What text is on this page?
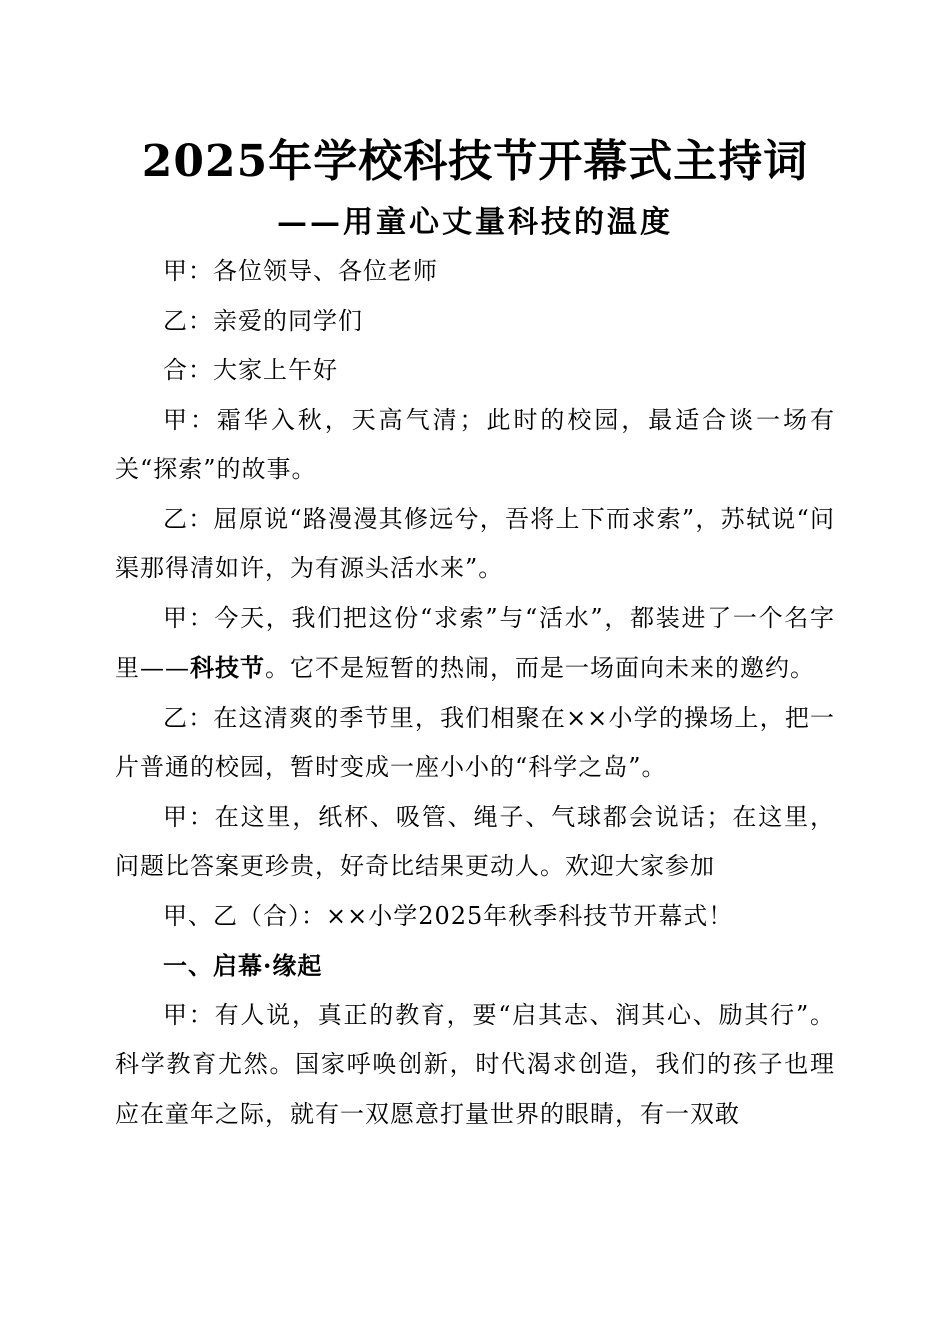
2025年学校科技节开幕式主持词
——用童心丈量科技的温度

甲：各位领导、各位老师

乙：亲爱的同学们

合：大家上午好

甲：霜华入秋，天高气清；此时的校园，最适合谈一场有关“探索”的故事。

乙：屈原说“路漫漫其修远兮，吾将上下而求索”，苏轼说“问渠那得清如许，为有源头活水来”。

甲：今天，我们把这份“求索”与“活水”，都装进了一个名字里——科技节。它不是短暂的热闹，而是一场面向未来的邀约。

乙：在这清爽的季节里，我们相聚在××小学的操场上，把一片普通的校园，暂时变成一座小小的“科学之岛”。

甲：在这里，纸杯、吸管、绳子、气球都会说话；在这里，问题比答案更珍贵，好奇比结果更动人。欢迎大家参加

甲、乙（合）：××小学2025年秋季科技节开幕式！

一、启幕·缘起

甲：有人说，真正的教育，要“启其志、润其心、励其行”。科学教育尤然。国家呼唤创新，时代渴求创造，我们的孩子也理应在童年之际，就有一双愿意打量世界的眼睛，有一双敢
